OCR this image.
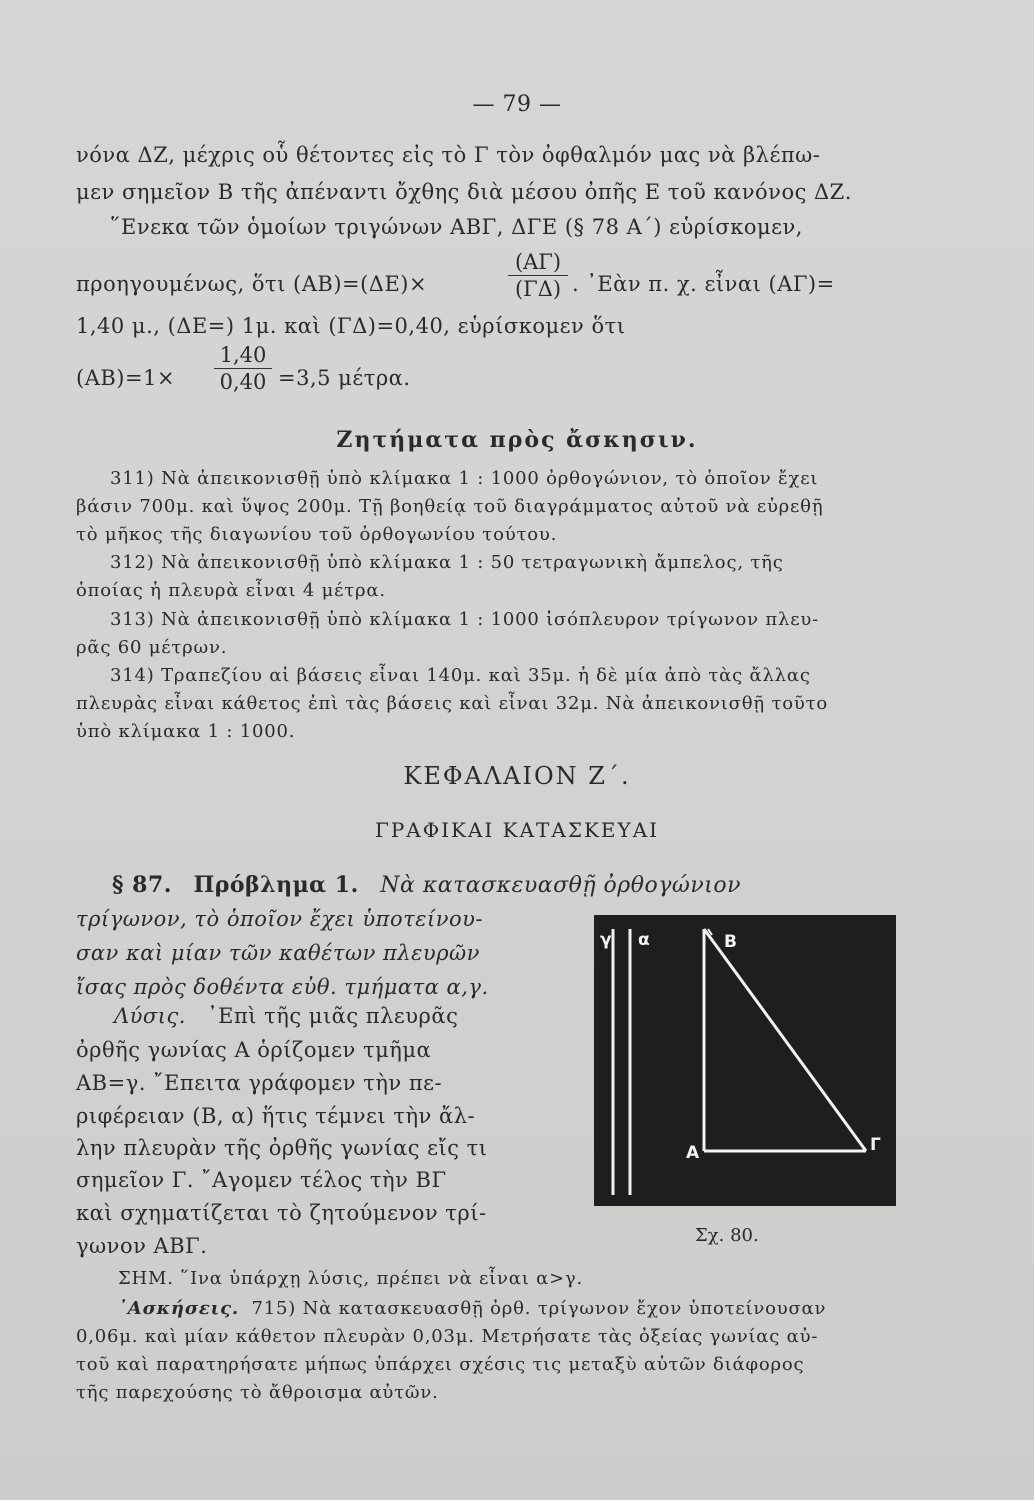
— 79 —
νόνα ΔΖ, μέχρις οὗ θέτοντες εἰς τὸ Γ τὸν ὀφθαλμόν μας νὰ βλέπω-
μεν σημεῖον Β τῆς ἀπέναντι ὄχθης διὰ μέσου ὀπῆς Ε τοῦ κανόνος ΔΖ.
῞Ενεκα τῶν ὁμοίων τριγώνων ΑΒΓ, ΔΓΕ (§ 78 Α΄) εὑρίσκομεν,
προηγουμένως, ὅτι (ΑΒ)=(ΔΕ)×
(ΑΓ)
(ΓΔ) . ᾿Εὰν π. χ. εἶναι (ΑΓ)=
1,40 μ., (ΔΕ=) 1μ. καὶ (ΓΔ)=0,40, εὑρίσκομεν ὅτι
(ΑΒ)=1×
1,40
0,40 =3,5 μέτρα.
Ζητήματα πρὸς ἄσκησιν.
311) Νὰ ἀπεικονισθῇ ὑπὸ κλίμακα 1 : 1000 ὀρθογώνιον, τὸ ὁποῖον ἔχει
βάσιν 700μ. καὶ ὕψος 200μ. Τῇ βοηθείᾳ τοῦ διαγράμματος αὐτοῦ νὰ εὑρεθῇ
τὸ μῆκος τῆς διαγωνίου τοῦ ὀρθογωνίου τούτου.
312) Νὰ ἀπεικονισθῇ ὑπὸ κλίμακα 1 : 50 τετραγωνικὴ ἄμπελος, τῆς
ὁποίας ἡ πλευρὰ εἶναι 4 μέτρα.
313) Νὰ ἀπεικονισθῇ ὑπὸ κλίμακα 1 : 1000 ἰσόπλευρον τρίγωνον πλευ-
ρᾶς 60 μέτρων.
314) Τραπεζίου αἱ βάσεις εἶναι 140μ. καὶ 35μ. ἡ δὲ μία ἀπὸ τὰς ἄλλας
πλευρὰς εἶναι κάθετος ἐπὶ τὰς βάσεις καὶ εἶναι 32μ. Νὰ ἀπεικονισθῇ τοῦτο
ὑπὸ κλίμακα 1 : 1000.
ΚΕΦΑΛΑΙΟΝ Ζ΄.
ΓΡΑΦΙΚΑΙ ΚΑΤΑΣΚΕΥΑΙ
§ 87. Πρόβλημα 1. Νὰ κατασκευασθῇ ὀρθογώνιον
τρίγωνον, τὸ ὁποῖον ἔχει ὑποτείνου-
σαν καὶ μίαν τῶν καθέτων πλευρῶν
ἴσας πρὸς δοθέντα εὐθ. τμήματα α,γ.
Λύσις. ᾿Επὶ τῆς μιᾶς πλευρᾶς
ὀρθῆς γωνίας Α ὁρίζομεν τμῆμα
ΑΒ=γ. ῎Επειτα γράφομεν τὴν πε-
ριφέρειαν (Β, α) ἥτις τέμνει τὴν ἄλ-
λην πλευρὰν τῆς ὀρθῆς γωνίας εἴς τι
σημεῖον Γ. ῎Αγομεν τέλος τὴν ΒΓ
καὶ σχηματίζεται τὸ ζητούμενον τρί-
γωνον ΑΒΓ.
γ α	Β
Α	Γ
Σχ. 80.
ΣΗΜ. ῞Ινα ὑπάρχῃ λύσις, πρέπει νὰ εἶναι α>γ.
᾿Ασκήσεις. 715) Νὰ κατασκευασθῇ ὀρθ. τρίγωνον ἔχον ὑποτείνουσαν
0,06μ. καὶ μίαν κάθετον πλευρὰν 0,03μ. Μετρήσατε τὰς ὀξείας γωνίας αὐ-
τοῦ καὶ παρατηρήσατε μήπως ὑπάρχει σχέσις τις μεταξὺ αὐτῶν διάφορος
τῆς παρεχούσης τὸ ἄθροισμα αὐτῶν.
